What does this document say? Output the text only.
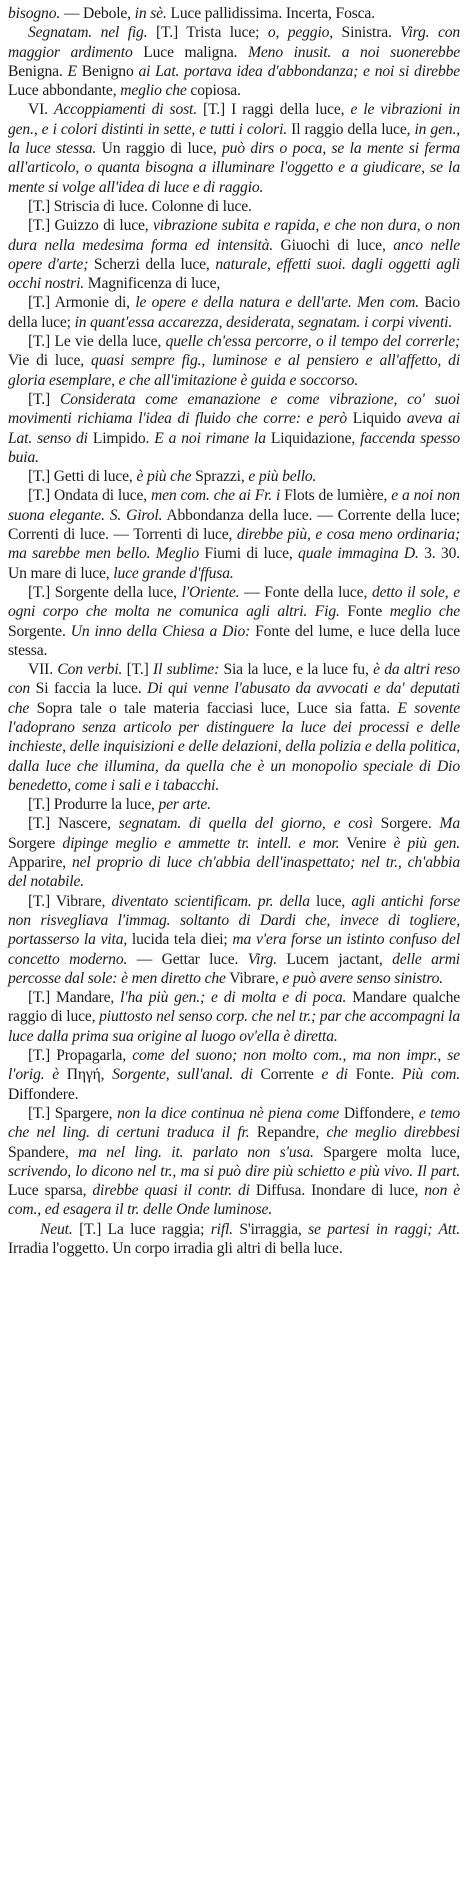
bisogno. — Debole, in sè. Luce pallidissima. Incerta, Fosca.

Segnatam. nel fig. [T.] Trista luce; o, peggio, Sinistra. Virg. con maggior ardimento Luce maligna. Meno inusit. a noi suonerebbe Benigna. E Benigno ai Lat. portava idea d'abbondanza; e noi si direbbe Luce abbondante, meglio che copiosa.

VI. Accoppiamenti di sost. [T.] I raggi della luce, e le vibrazioni in gen., e i colori distinti in sette, e tutti i colori. Il raggio della luce, in gen., la luce stessa. Un raggio di luce, può dirs o poca, se la mente si ferma all'articolo, o quanta bisogna a illuminare l'oggetto e a giudicare, se la mente si volge all'idea di luce e di raggio.

[T.] Striscia di luce. Colonne di luce.

[T.] Guizzo di luce, vibrazione subita e rapida, e che non dura, o non dura nella medesima forma ed intensità. Giuochi di luce, anco nelle opere d'arte; Scherzi della luce, naturale, effetti suoi. dagli oggetti agli occhi nostri. Magnificenza di luce,

[T.] Armonie di, le opere e della natura e dell'arte. Men com. Bacio della luce; in quant'essa accarezza, desiderata, segnatam. i corpi viventi.

[T.] Le vie della luce, quelle ch'essa percorre, o il tempo del correrle; Vie di luce, quasi sempre fig., luminose e al pensiero e all'affetto, di gloria esemplare, e che all'imitazione è guida e soccorso.

[T.] Considerata come emanazione e come vibrazione, co' suoi movimenti richiama l'idea di fluido che corre: e però Liquido aveva ai Lat. senso di Limpido. E a noi rimane la Liquidazione, faccenda spesso buia.

[T.] Getti di luce, è più che Sprazzi, e più bello.

[T.] Ondata di luce, men com. che ai Fr. i Flots de lumière, e a noi non suona elegante. S. Girol. Abbondanza della luce. — Corrente della luce; Correnti di luce. — Torrenti di luce, direbbe più, e cosa meno ordinaria; ma sarebbe men bello. Meglio Fiumi di luce, quale immagina D. 3. 30. Un mare di luce, luce grande d'ffusa.

[T.] Sorgente della luce, l'Oriente. — Fonte della luce, detto il sole, e ogni corpo che molta ne comunica agli altri. Fig. Fonte meglio che Sorgente. Un inno della Chiesa a Dio: Fonte del lume, e luce della luce stessa.

VII. Con verbi. [T.] Il sublime: Sia la luce, e la luce fu, è da altri reso con Si faccia la luce. Di qui venne l'abusato da avvocati e da' deputati che Sopra tale o tale materia facciasi luce, Luce sia fatta. E sovente l'adoprano senza articolo per distinguere la luce dei processi e delle inchieste, delle inquisizioni e delle delazioni, della polizia e della politica, dalla luce che illumina, da quella che è un monopolio speciale di Dio benedetto, come i sali e i tabacchi.

[T.] Produrre la luce, per arte.

[T.] Nascere, segnatam. di quella del giorno, e così Sorgere. Ma Sorgere dipinge meglio e ammette tr. intell. e mor. Venire è più gen. Apparire, nel proprio di luce ch'abbia dell'inaspettato; nel tr., ch'abbia del notabile.

[T.] Vibrare, diventato scientificam. pr. della luce, agli antichi forse non risvegliava l'immag. soltanto di Dardi che, invece di togliere, portasserso la vita, lucida tela diei; ma v'era forse un istinto confuso del concetto moderno. — Gettar luce. Virg. Lucem jactant, delle armi percosse dal sole: è men diretto che Vibrare, e può avere senso sinistro.

[T.] Mandare, l'ha più gen.; e di molta e di poca. Mandare qualche raggio di luce, piuttosto nel senso corp. che nel tr.; par che accompagni la luce dalla prima sua origine al luogo ov'ella è diretta.

[T.] Propagarla, come del suono; non molto com., ma non impr., se l'orig. è Πηγή, Sorgente, sull'anal. di Corrente e di Fonte. Più com. Diffondere.

[T.] Spargere, non la dice continua nè piena come Diffondere, e temo che nel ling. di certuni traduca il fr. Repandre, che meglio direbbesi Spandere, ma nel ling. it. parlato non s'usa. Spargere molta luce, scrivendo, lo dicono nel tr., ma si può dire più schietto e più vivo. Il part. Luce sparsa, direbbe quasi il contr. di Diffusa. Inondare di luce, non è com., ed esagera il tr. delle Onde luminose.

Neut. [T.] La luce raggia; rifl. S'irraggia, se partesi in raggi; Att. Irradia l'oggetto. Un corpo irradia gli altri di bella luce.
